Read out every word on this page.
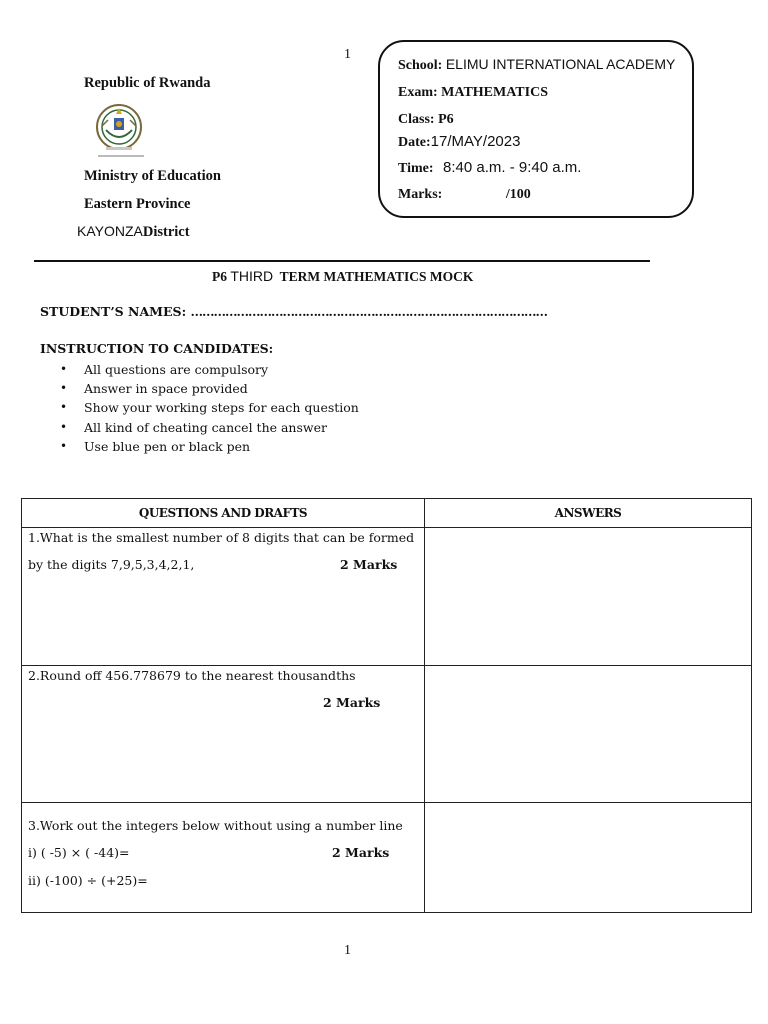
1
Republic of Rwanda
Ministry of Education
Eastern Province
KAYONZADistrict
School: ELIMU INTERNATIONAL ACADEMY
Exam: MATHEMATICS
Class: P6
Date:17/MAY/2023
Time: 8:40 a.m. - 9:40 a.m.
Marks:	/100
P6 THIRD TERM MATHEMATICS MOCK
STUDENT’S NAMES: …………………………………………………………………………………
INSTRUCTION TO CANDIDATES:
• All questions are compulsory
• Answer in space provided
• Show your working steps for each question
• All kind of cheating cancel the answer
• Use blue pen or black pen
QUESTIONS AND DRAFTS	ANSWERS

1.What is the smallest number of 8 digits that can be formed
by the digits 7,9,5,3,4,2,1, 2 Marks	

2.Round off 456.778679 to the nearest thousandths
2 Marks	

3.Work out the integers below without using a number line
i) ( -5) × ( -44)= 2 Marks
ii) (-100) ÷ (+25)=	

1
